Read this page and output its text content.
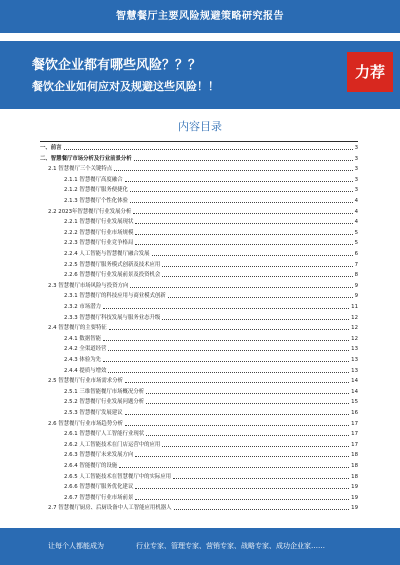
智慧餐厅主要风险规避策略研究报告
餐饮企业都有哪些风险？？？
餐饮企业如何应对及规避这些风险！！
力荐
内容目录
一、前言	3
二、智慧餐厅市场分析及行业前景分析	3
2.1 智慧餐厅三个关键特点	3
2.1.1 智慧餐厅高度融合	3
2.1.2 智慧餐厅服务便捷化	3
2.1.3 智慧餐厅个性化体验	4
2.2 2023年智慧餐厅行业发展分析	4
2.2.1 智慧餐厅行业发展现状	4
2.2.2 智慧餐厅行业市场规模	5
2.2.3 智慧餐厅行业竞争格局	5
2.2.4 人工智能与智慧餐厅融合发展	6
2.2.5 智慧餐厅服务模式创新及技术应用	7
2.2.6 智慧餐厅行业发展前景及投资机会	8
2.3 智慧餐厅市场风险与投资方向	9
2.3.1 智慧餐厅的科技应用与商业模式创新	9
2.3.2 市场潜力	11
2.3.3 智慧餐厅科技发展与服务业态升级	12
2.4 智慧餐厅的主要特征	12
2.4.1 数据智能	12
2.4.2 全渠道经营	13
2.4.3 体验为先	13
2.4.4 提质与增效	13
2.5 智慧餐厅行业市场需求分析	14
2.5.1 三维智能餐厅市场概况分析	14
2.5.2 智慧餐厅行业发展问题分析	15
2.5.3 智慧餐厅发展建议	16
2.6 智慧餐厅行业市场趋势分析	17
2.6.1 智慧餐厅人工智能行业现状	17
2.6.2 人工智能技术在门店运营中的应用	17
2.6.3 智慧餐厅未来发展方向	18
2.6.4 智能餐厅的设施	18
2.6.5 人工智能技术在智慧餐厅中的实际应用	18
2.6.6 智慧餐厅服务优化建议	19
2.6.7 智慧餐厅行业市场前景	19
2.7 智慧餐厅厨房、后厨设备中人工智能应用机器人	19
让每个人都能成为	行业专家、管理专家、营销专家、战略专家、成功企业家……
